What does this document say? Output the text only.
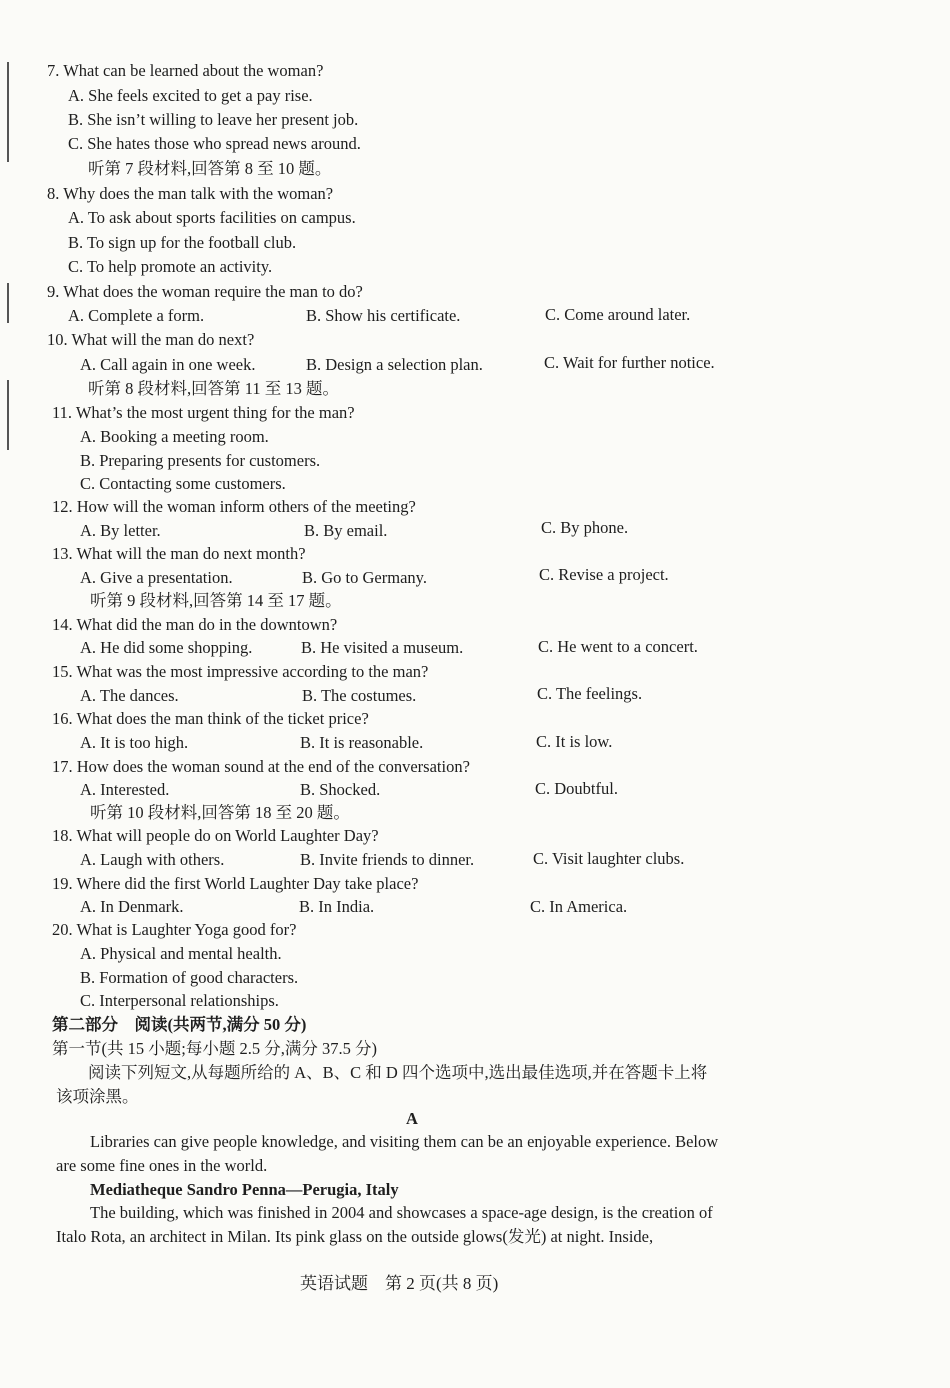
7. What can be learned about the woman?
A. She feels excited to get a pay rise.
B. She isn’t willing to leave her present job.
C. She hates those who spread news around.
听第 7 段材料,回答第 8 至 10 题。
8. Why does the man talk with the woman?
A. To ask about sports facilities on campus.
B. To sign up for the football club.
C. To help promote an activity.
9. What does the woman require the man to do?
A. Complete a form.	B. Show his certificate.	C. Come around later.
10. What will the man do next?
A. Call again in one week.	B. Design a selection plan.	C. Wait for further notice.
听第 8 段材料,回答第 11 至 13 题。
11. What’s the most urgent thing for the man?
A. Booking a meeting room.
B. Preparing presents for customers.
C. Contacting some customers.
12. How will the woman inform others of the meeting?
A. By letter.	B. By email.	C. By phone.
13. What will the man do next month?
A. Give a presentation.	B. Go to Germany.	C. Revise a project.
听第 9 段材料,回答第 14 至 17 题。
14. What did the man do in the downtown?
A. He did some shopping.	B. He visited a museum.	C. He went to a concert.
15. What was the most impressive according to the man?
A. The dances.	B. The costumes.	C. The feelings.
16. What does the man think of the ticket price?
A. It is too high.	B. It is reasonable.	C. It is low.
17. How does the woman sound at the end of the conversation?
A. Interested.	B. Shocked.	C. Doubtful.
听第 10 段材料,回答第 18 至 20 题。
18. What will people do on World Laughter Day?
A. Laugh with others.	B. Invite friends to dinner.	C. Visit laughter clubs.
19. Where did the first World Laughter Day take place?
A. In Denmark.	B. In India.	C. In America.
20. What is Laughter Yoga good for?
A. Physical and mental health.
B. Formation of good characters.
C. Interpersonal relationships.
第二部分　阅读(共两节,满分 50 分)
第一节(共 15 小题;每小题 2.5 分,满分 37.5 分)
阅读下列短文,从每题所给的 A、B、C 和 D 四个选项中,选出最佳选项,并在答题卡上将
该项涂黑。
A
Libraries can give people knowledge, and visiting them can be an enjoyable experience. Below
are some fine ones in the world.
Mediatheque Sandro Penna—Perugia, Italy
The building, which was finished in 2004 and showcases a space-age design, is the creation of
Italo Rota, an architect in Milan. Its pink glass on the outside glows(发光) at night. Inside,
英语试题　第 2 页(共 8 页)
